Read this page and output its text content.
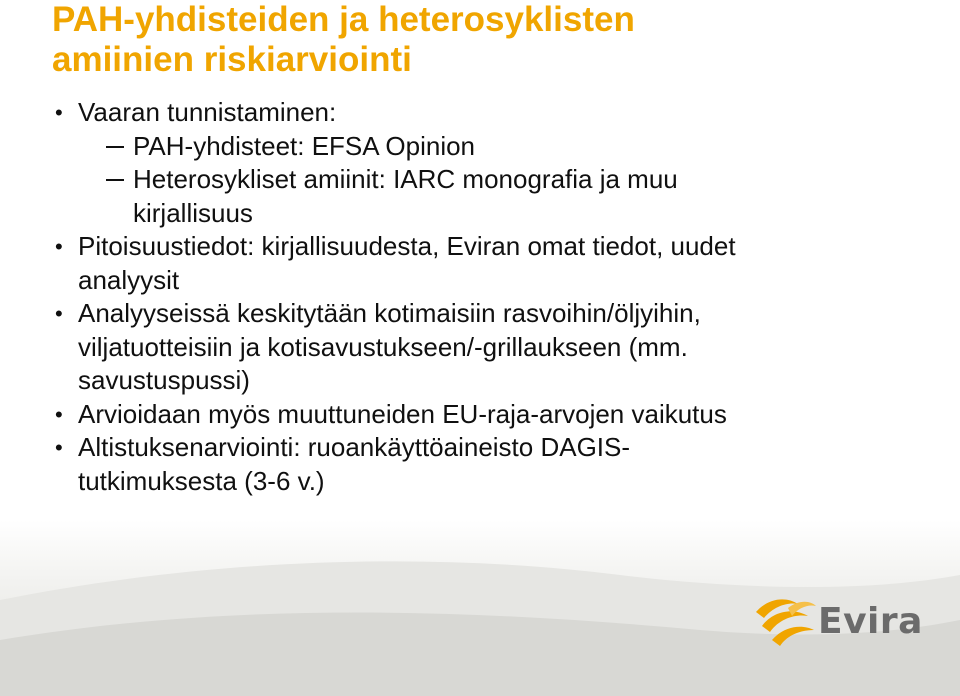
PAH-yhdisteiden ja heterosyklisten
amiinien riskiarviointi
• Vaaran tunnistaminen:
PAH-yhdisteet: EFSA Opinion
Heterosykliset amiinit: IARC monografia ja muu
kirjallisuus
• Pitoisuustiedot: kirjallisuudesta, Eviran omat tiedot, uudet
analyysit
• Analyyseissä keskitytään kotimaisiin rasvoihin/öljyihin,
viljatuotteisiin ja kotisavustukseen/-grillaukseen (mm.
savustuspussi)
• Arvioidaan myös muuttuneiden EU-raja-arvojen vaikutus
• Altistuksenarviointi: ruoankäyttöaineisto DAGIS-
tutkimuksesta (3-6 v.)
Evira
